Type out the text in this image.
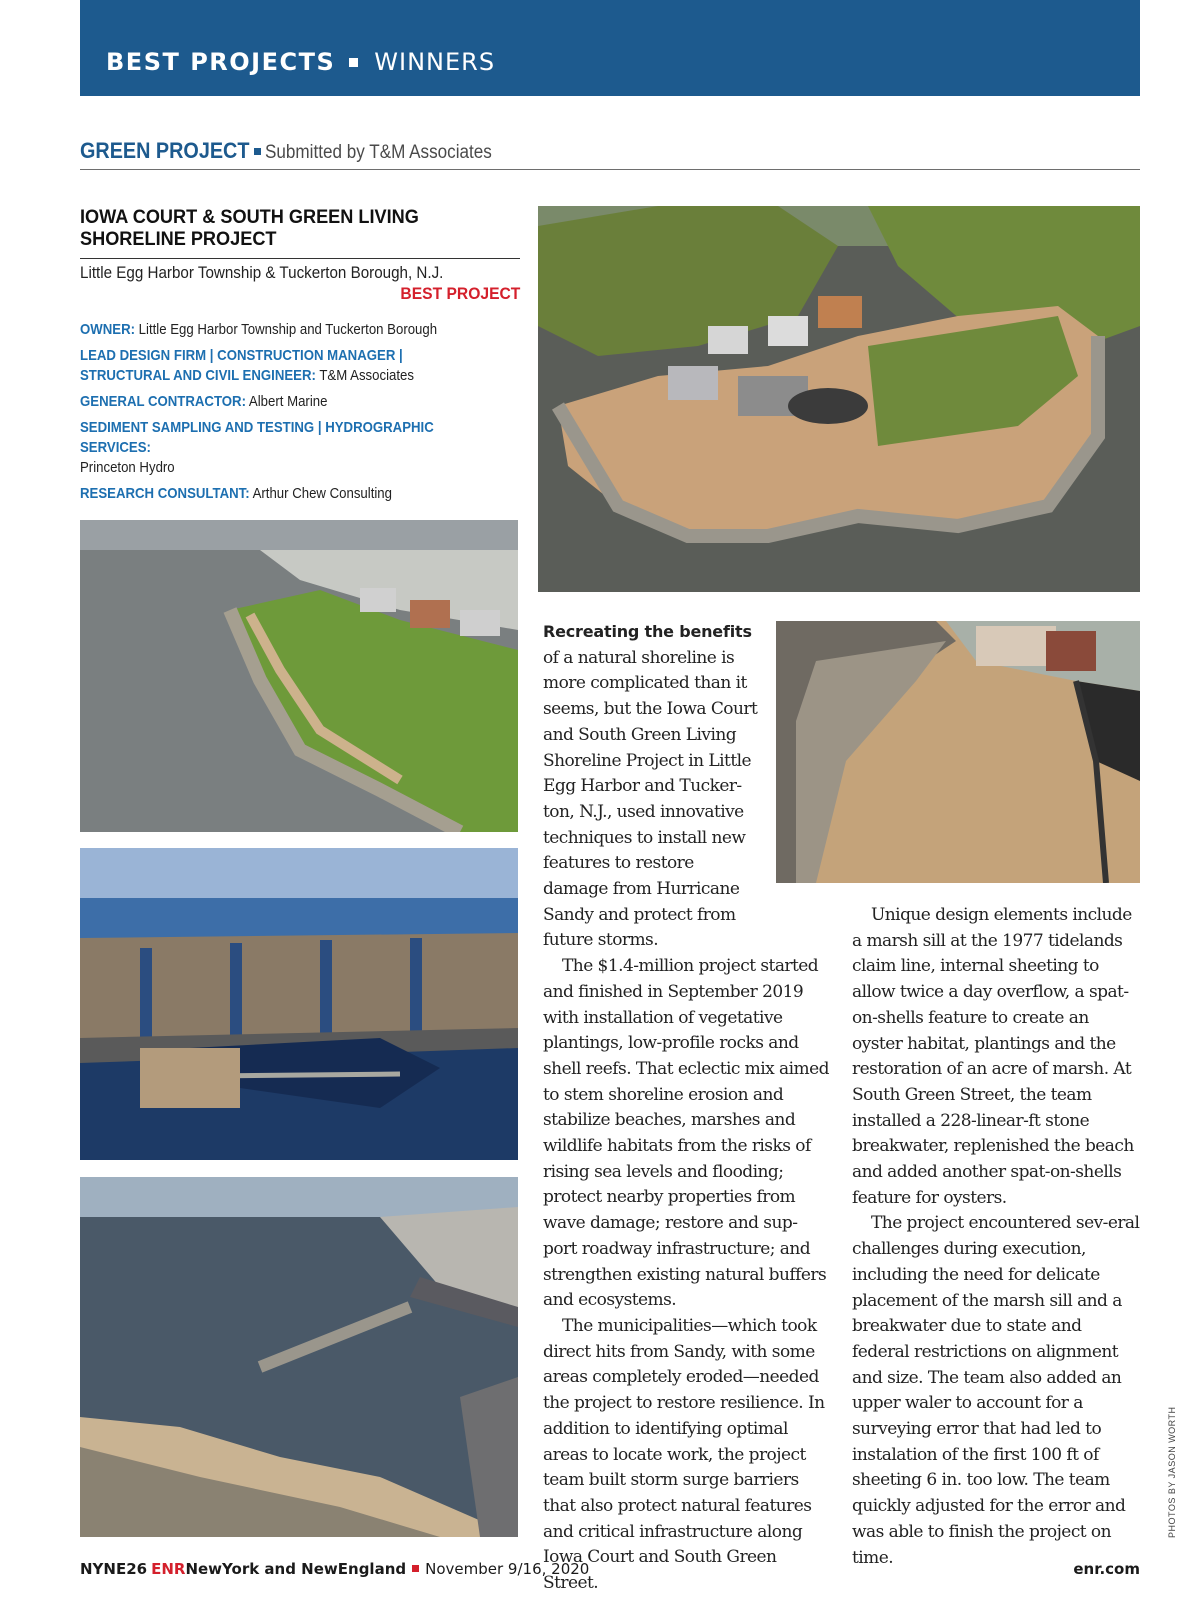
BEST PROJECTS WINNERS
GREEN PROJECT Submitted by T&M Associates
IOWA COURT & SOUTH GREEN LIVING SHORELINE PROJECT
Little Egg Harbor Township & Tuckerton Borough, N.J.
BEST PROJECT
OWNER: Little Egg Harbor Township and Tuckerton Borough
LEAD DESIGN FIRM | CONSTRUCTION MANAGER | STRUCTURAL AND CIVIL ENGINEER: T&M Associates
GENERAL CONTRACTOR: Albert Marine
SEDIMENT SAMPLING AND TESTING | HYDROGRAPHIC SERVICES:
Princeton Hydro
RESEARCH CONSULTANT: Arthur Chew Consulting

Recreating the benefits of a natural shoreline is more complicated than it seems, but the Iowa Court and South Green Living Shoreline Project in Little Egg Harbor and Tucker-ton, N.J., used innovative techniques to install new features to restore damage from Hurricane Sandy and protect from future storms.

The $1.4-million project started and finished in September 2019 with installation of vegetative plantings, low-profile rocks and shell reefs. That eclectic mix aimed to stem shoreline erosion and stabilize beaches, marshes and wildlife habitats from the risks of rising sea levels and flooding; protect nearby properties from wave damage; restore and sup-port roadway infrastructure; and strengthen existing natural buffers and ecosystems.

The municipalities—which took direct hits from Sandy, with some areas completely eroded—needed the project to restore resilience. In addition to identifying optimal areas to locate work, the project team built storm surge barriers that also protect natural features and critical infrastructure along Iowa Court and South Green Street.

Unique design elements include a marsh sill at the 1977 tidelands claim line, internal sheeting to allow twice a day overflow, a spat-on-shells feature to create an oyster habitat, plantings and the restoration of an acre of marsh. At South Green Street, the team installed a 228-linear-ft stone breakwater, replenished the beach and added another spat-on-shells feature for oysters.

The project encountered sev-eral challenges during execution, including the need for delicate placement of the marsh sill and a breakwater due to state and federal restrictions on alignment and size. The team also added an upper waler to account for a surveying error that had led to instalation of the first 100 ft of sheeting 6 in. too low. The team quickly adjusted for the error and was able to finish the project on time.

PHOTOS BY JASON WORTH
NYNE26 ENRNewYork and NewEngland November 9/16, 2020	enr.com
